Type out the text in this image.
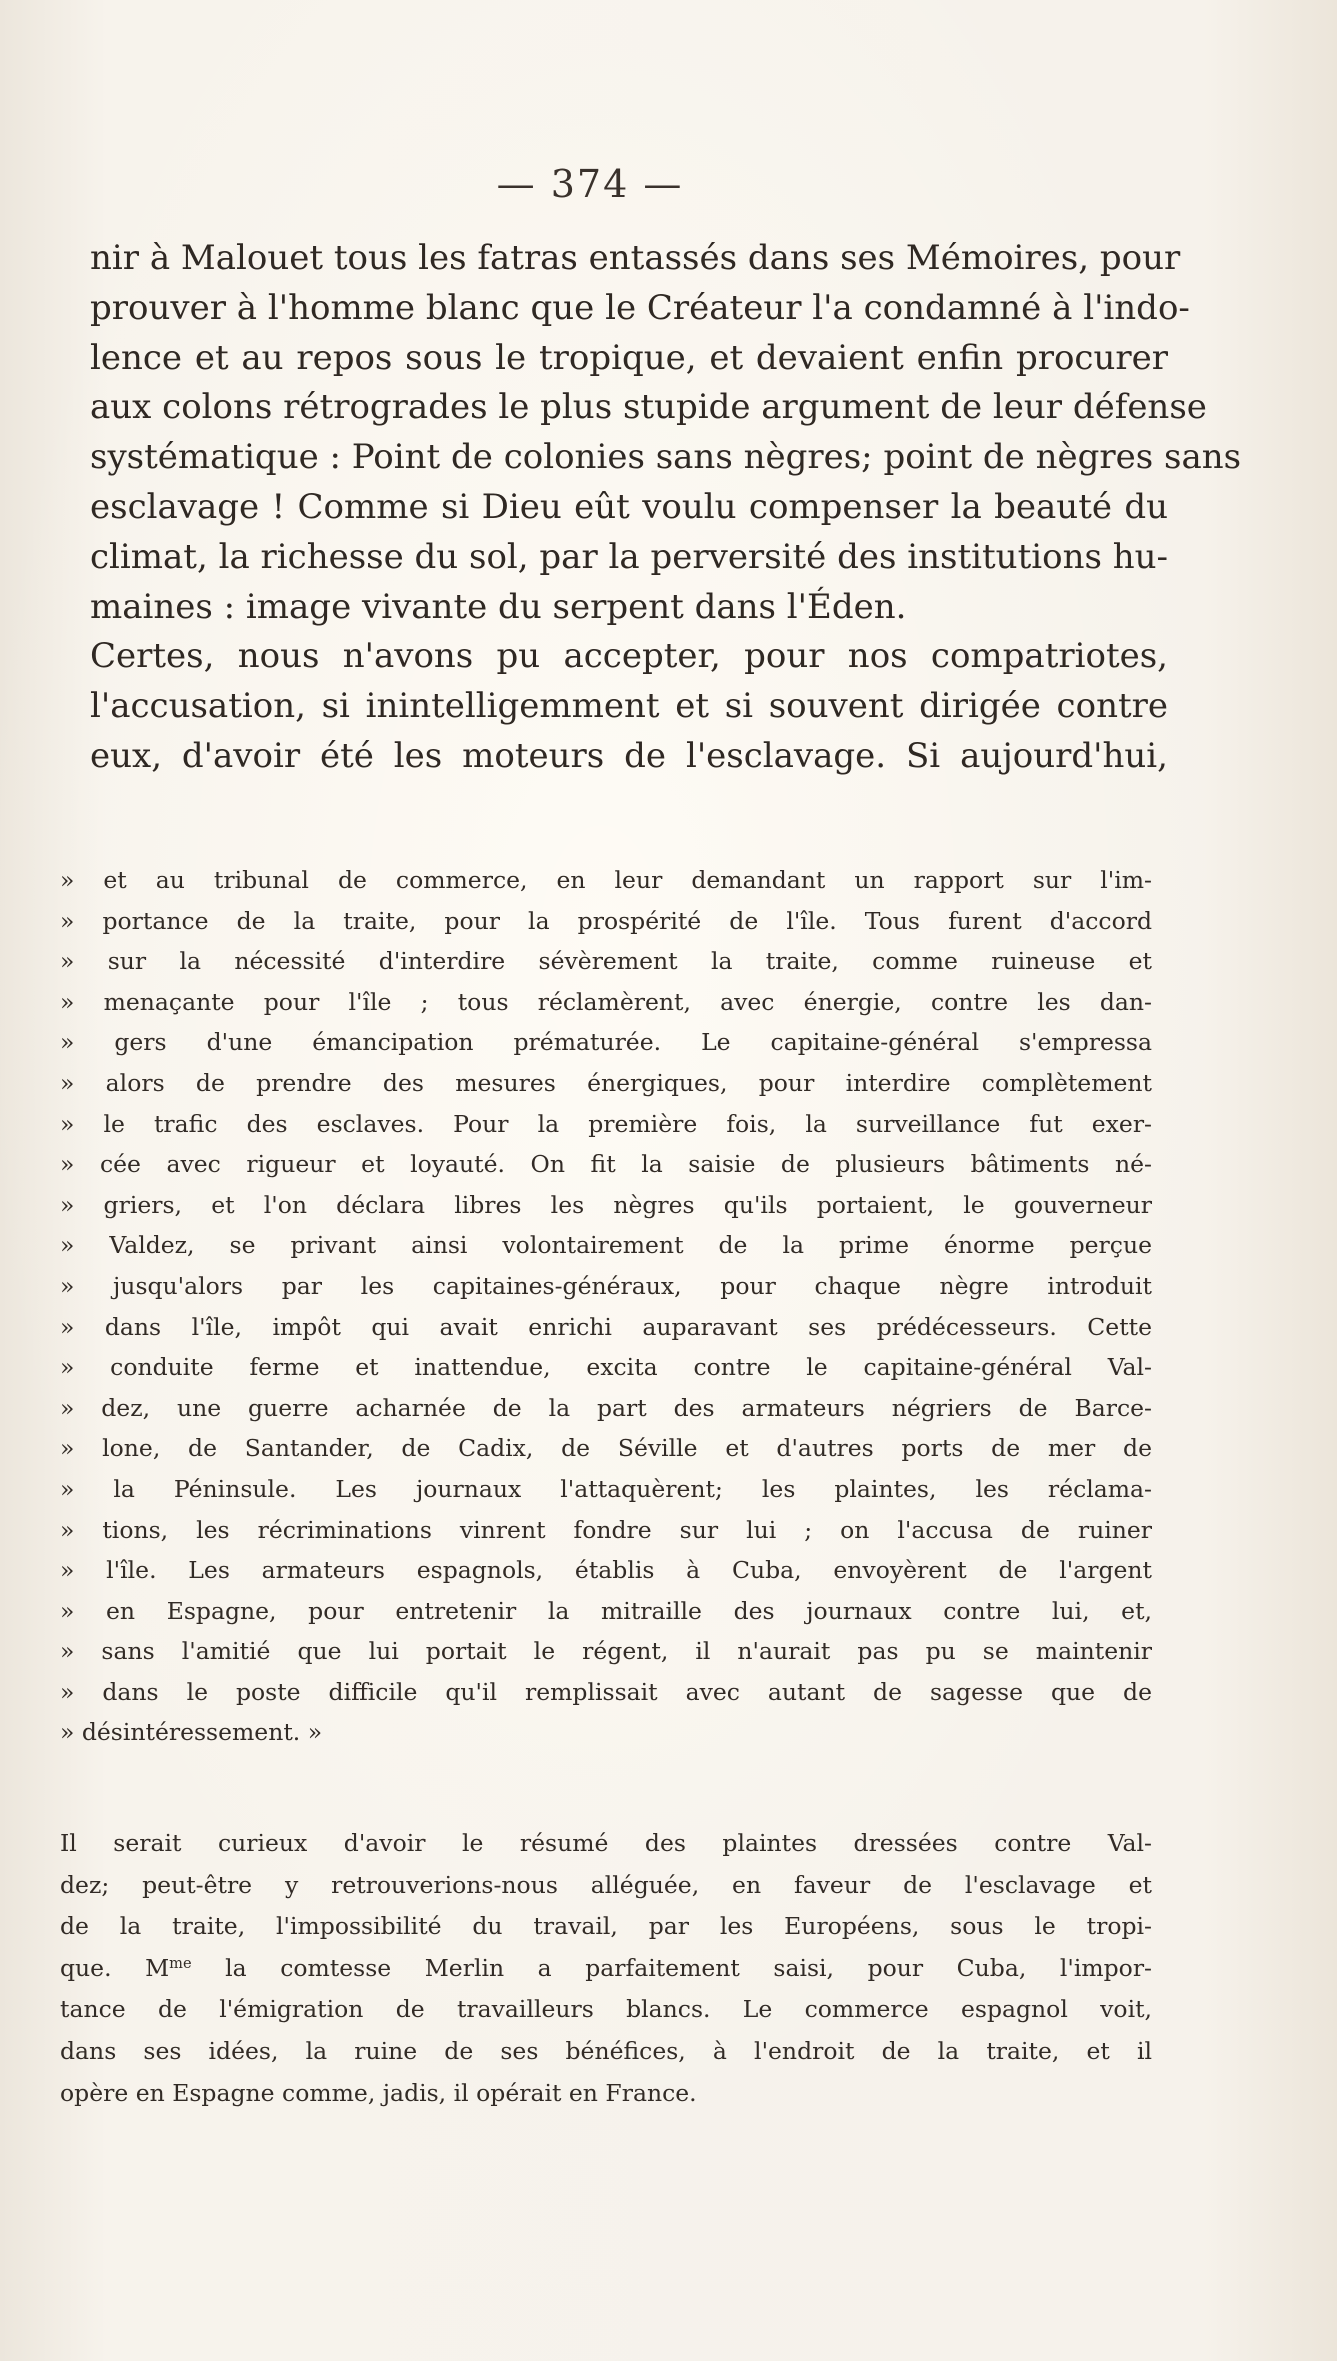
— 374 —
nir à Malouet tous les fatras entassés dans ses Mémoires, pour
prouver à l'homme blanc que le Créateur l'a condamné à l'indo-
lence et au repos sous le tropique, et devaient enfin procurer
aux colons rétrogrades le plus stupide argument de leur défense
systématique : Point de colonies sans nègres; point de nègres sans
esclavage ! Comme si Dieu eût voulu compenser la beauté du
climat, la richesse du sol, par la perversité des institutions hu-
maines : image vivante du serpent dans l'Éden.
Certes, nous n'avons pu accepter, pour nos compatriotes,
l'accusation, si inintelligemment et si souvent dirigée contre
eux, d'avoir été les moteurs de l'esclavage. Si aujourd'hui,
» et au tribunal de commerce, en leur demandant un rapport sur l'im-
» portance de la traite, pour la prospérité de l'île. Tous furent d'accord
» sur la nécessité d'interdire sévèrement la traite, comme ruineuse et
» menaçante pour l'île ; tous réclamèrent, avec énergie, contre les dan-
» gers d'une émancipation prématurée. Le capitaine-général s'empressa
» alors de prendre des mesures énergiques, pour interdire complètement
» le trafic des esclaves. Pour la première fois, la surveillance fut exer-
» cée avec rigueur et loyauté. On fit la saisie de plusieurs bâtiments né-
» griers, et l'on déclara libres les nègres qu'ils portaient, le gouverneur
» Valdez, se privant ainsi volontairement de la prime énorme perçue
» jusqu'alors par les capitaines-généraux, pour chaque nègre introduit
» dans l'île, impôt qui avait enrichi auparavant ses prédécesseurs. Cette
» conduite ferme et inattendue, excita contre le capitaine-général Val-
» dez, une guerre acharnée de la part des armateurs négriers de Barce-
» lone, de Santander, de Cadix, de Séville et d'autres ports de mer de
» la Péninsule. Les journaux l'attaquèrent; les plaintes, les réclama-
» tions, les récriminations vinrent fondre sur lui ; on l'accusa de ruiner
» l'île. Les armateurs espagnols, établis à Cuba, envoyèrent de l'argent
» en Espagne, pour entretenir la mitraille des journaux contre lui, et,
» sans l'amitié que lui portait le régent, il n'aurait pas pu se maintenir
» dans le poste difficile qu'il remplissait avec autant de sagesse que de
» désintéressement. »
Il serait curieux d'avoir le résumé des plaintes dressées contre Val-
dez; peut-être y retrouverions-nous alléguée, en faveur de l'esclavage et
de la traite, l'impossibilité du travail, par les Européens, sous le tropi-
que. $M^{me}$ la comtesse Merlin a parfaitement saisi, pour Cuba, l'impor-
tance de l'émigration de travailleurs blancs. Le commerce espagnol voit,
dans ses idées, la ruine de ses bénéfices, à l'endroit de la traite, et il
opère en Espagne comme, jadis, il opérait en France.
